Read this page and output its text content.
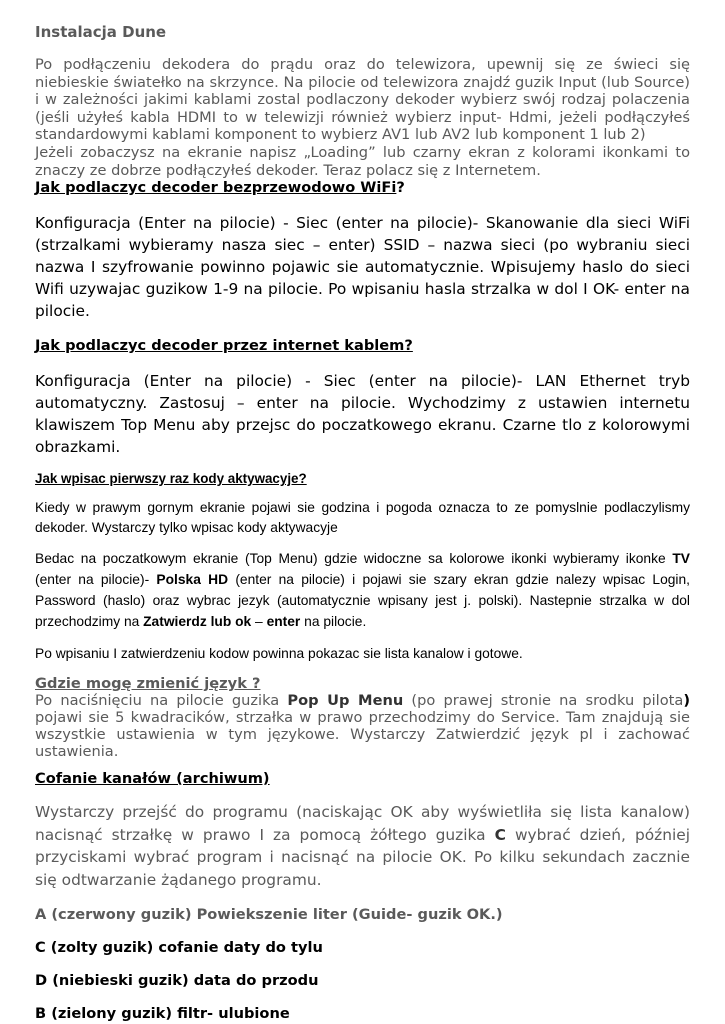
Instalacja Dune

Po podłączeniu dekodera do prądu oraz do telewizora, upewnij się ze świeci się niebieskie światełko na skrzynce. Na pilocie od telewizora znajdź guzik Input (lub Source) i w zależności jakimi kablami zostal podlaczony dekoder wybierz swój rodzaj polaczenia (jeśli użyłeś kabla HDMI to w telewizji również wybierz input- Hdmi, jeżeli podłączyłeś standardowymi kablami komponent to wybierz AV1 lub AV2 lub komponent 1 lub 2)

Jeżeli zobaczysz na ekranie napisz „Loading” lub czarny ekran z kolorami ikonkami to znaczy ze dobrze podłączyłeś dekoder. Teraz polacz się z Internetem.

Jak podlaczyc decoder bezprzewodowo WiFi?

Konfiguracja (Enter na pilocie) - Siec (enter na pilocie)- Skanowanie dla sieci WiFi (strzalkami wybieramy nasza siec – enter) SSID – nazwa sieci (po wybraniu sieci nazwa I szyfrowanie powinno pojawic sie automatycznie. Wpisujemy haslo do sieci Wifi uzywajac guzikow 1-9 na pilocie. Po wpisaniu hasla strzalka w dol I OK- enter na pilocie.

Jak podlaczyc decoder przez internet kablem?

Konfiguracja (Enter na pilocie) - Siec (enter na pilocie)- LAN Ethernet tryb automatyczny. Zastosuj – enter na pilocie. Wychodzimy z ustawien internetu klawiszem Top Menu aby przejsc do poczatkowego ekranu. Czarne tlo z kolorowymi obrazkami.

Jak wpisac pierwszy raz kody aktywacyje?

Kiedy w prawym gornym ekranie pojawi sie godzina i pogoda oznacza to ze pomyslnie podlaczylismy dekoder. Wystarczy tylko wpisac kody aktywacyje

Bedac na poczatkowym ekranie (Top Menu) gdzie widoczne sa kolorowe ikonki wybieramy ikonke TV (enter na pilocie)- Polska HD (enter na pilocie) i pojawi sie szary ekran gdzie nalezy wpisac Login, Password (haslo) oraz wybrac jezyk (automatycznie wpisany jest j. polski). Nastepnie strzalka w dol przechodzimy na Zatwierdz lub ok – enter na pilocie.

Po wpisaniu I zatwierdzeniu kodow powinna pokazac sie lista kanalow i gotowe.

Gdzie mogę zmienić język ?

Po naciśnięciu na pilocie guzika Pop Up Menu (po prawej stronie na srodku pilota) pojawi sie 5 kwadracików, strzałka w prawo przechodzimy do Service. Tam znajdują sie wszystkie ustawienia w tym językowe. Wystarczy Zatwierdzić język pl i zachować ustawienia.

Cofanie kanałów (archiwum)

Wystarczy przejść do programu (naciskając OK aby wyświetliła się lista kanalow) nacisnąć strzałkę w prawo I za pomocą żółtego guzika C wybrać dzień, później przyciskami wybrać program i nacisnąć na pilocie OK. Po kilku sekundach zacznie się odtwarzanie żądanego programu.

A (czerwony guzik) Powiekszenie liter (Guide- guzik OK.)

C (zolty guzik) cofanie daty do tylu

D (niebieski guzik) data do przodu

B (zielony guzik) filtr- ulubione
